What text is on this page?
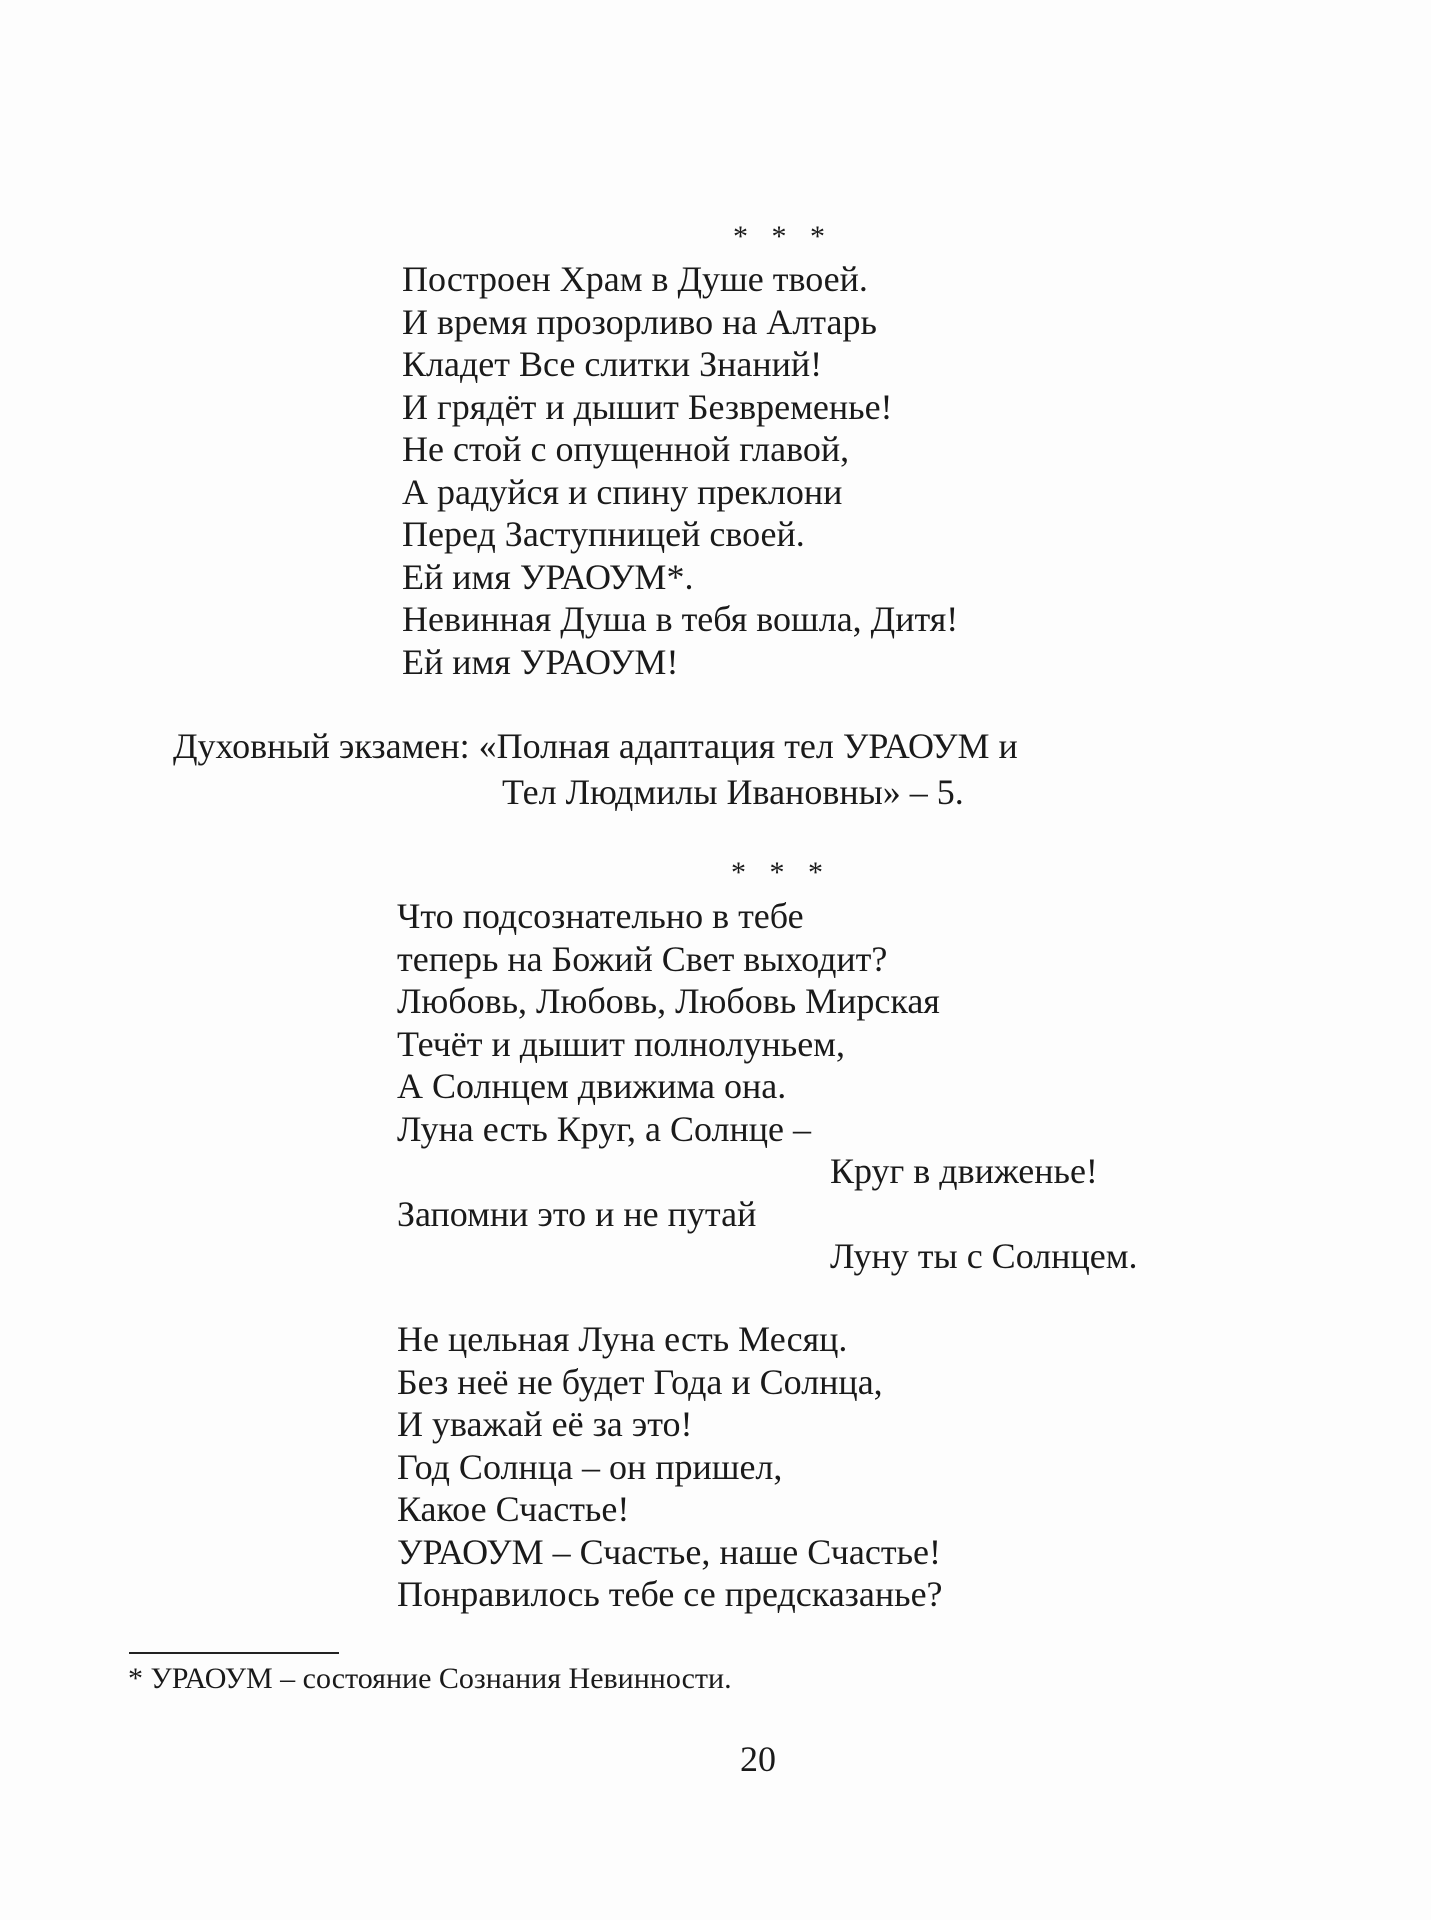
* * *
Построен Храм в Душе твоей.
И время прозорливо на Алтарь
Кладет Все слитки Знаний!
И грядёт и дышит Безвременье!
Не стой с опущенной главой,
А радуйся и спину преклони
Перед Заступницей своей.
Ей имя УРАОУМ*.
Невинная Душа в тебя вошла, Дитя!
Ей имя УРАОУМ!
Духовный экзамен: «Полная адаптация тел УРАОУМ и
Тел Людмилы Ивановны» – 5.
* * *
Что подсознательно в тебе
теперь на Божий Свет выходит?
Любовь, Любовь, Любовь Мирская
Течёт и дышит полнолуньем,
А Солнцем движима она.
Луна есть Круг, а Солнце –
Круг в движенье!
Запомни это и не путай
Луну ты с Солнцем.
Не цельная Луна есть Месяц.
Без неё не будет Года и Солнца,
И уважай её за это!
Год Солнца – он пришел,
Какое Счастье!
УРАОУМ – Счастье, наше Счастье!
Понравилось тебе се предсказанье?
* УРАОУМ – состояние Сознания Невинности.
20
